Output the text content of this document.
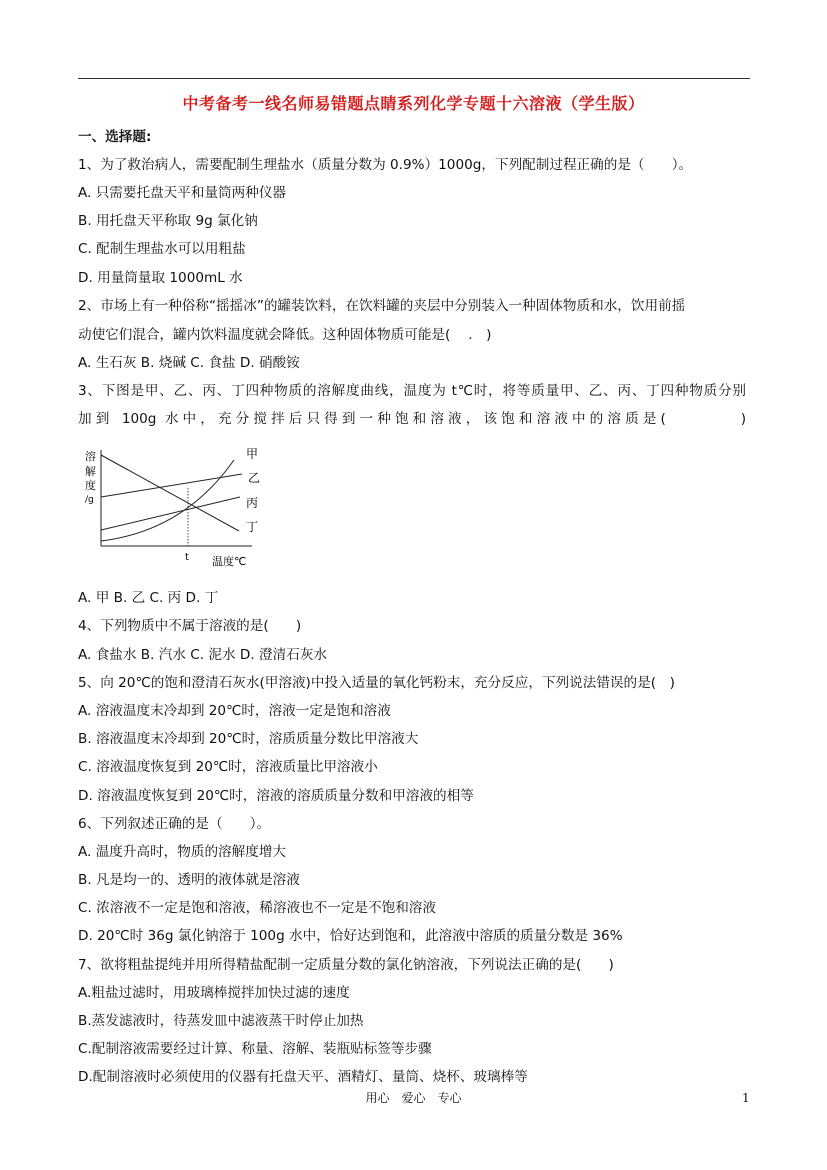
中考备考一线名师易错题点睛系列化学专题十六溶液（学生版）
一、选择题:
1、为了救治病人，需要配制生理盐水（质量分数为 0.9%）1000g，下列配制过程正确的是（　　）。
A. 只需要托盘天平和量筒两种仪器
B. 用托盘天平称取 9g 氯化钠
C. 配制生理盐水可以用粗盐
D. 用量筒量取 1000mL 水
2、市场上有一种俗称“摇摇冰”的罐装饮料，在饮料罐的夹层中分别装入一种固体物质和水，饮用前摇
动使它们混合，罐内饮料温度就会降低。这种固体物质可能是(　 .　)
A. 生石灰 B. 烧碱 C. 食盐 D. 硝酸铵
3、下图是甲、乙、丙、丁四种物质的溶解度曲线，温度为 t℃时，将等质量甲、乙、丙、丁四种物质分别
加到 100g 水中，充分搅拌后只得到一种饱和溶液，该饱和溶液中的溶质是(　　　　)
溶
解
度
/g
甲
乙
丙
丁
t 温度℃
A. 甲 B. 乙 C. 丙 D. 丁
4、下列物质中不属于溶液的是(　　)
A. 食盐水 B. 汽水 C. 泥水 D. 澄清石灰水
5、向 20℃的饱和澄清石灰水(甲溶液)中投入适量的氧化钙粉末，充分反应，下列说法错误的是(　)
A. 溶液温度末冷却到 20℃时，溶液一定是饱和溶液
B. 溶液温度末冷却到 20℃时，溶质质量分数比甲溶液大
C. 溶液温度恢复到 20℃时，溶液质量比甲溶液小
D. 溶液温度恢复到 20℃时，溶液的溶质质量分数和甲溶液的相等
6、下列叙述正确的是（　　）。
A. 温度升高时，物质的溶解度增大
B. 凡是均一的、透明的液体就是溶液
C. 浓溶液不一定是饱和溶液，稀溶液也不一定是不饱和溶液
D. 20℃时 36g 氯化钠溶于 100g 水中，恰好达到饱和，此溶液中溶质的质量分数是 36%
7、欲将粗盐提纯并用所得精盐配制一定质量分数的氯化钠溶液，下列说法正确的是(　　)
A.粗盐过滤时，用玻璃棒搅拌加快过滤的速度
B.蒸发滤液时，待蒸发皿中滤液蒸干时停止加热
C.配制溶液需要经过计算、称量、溶解、装瓶贴标签等步骤
D.配制溶液时必须使用的仪器有托盘天平、酒精灯、量筒、烧杯、玻璃棒等
用心　爱心　专心	1
